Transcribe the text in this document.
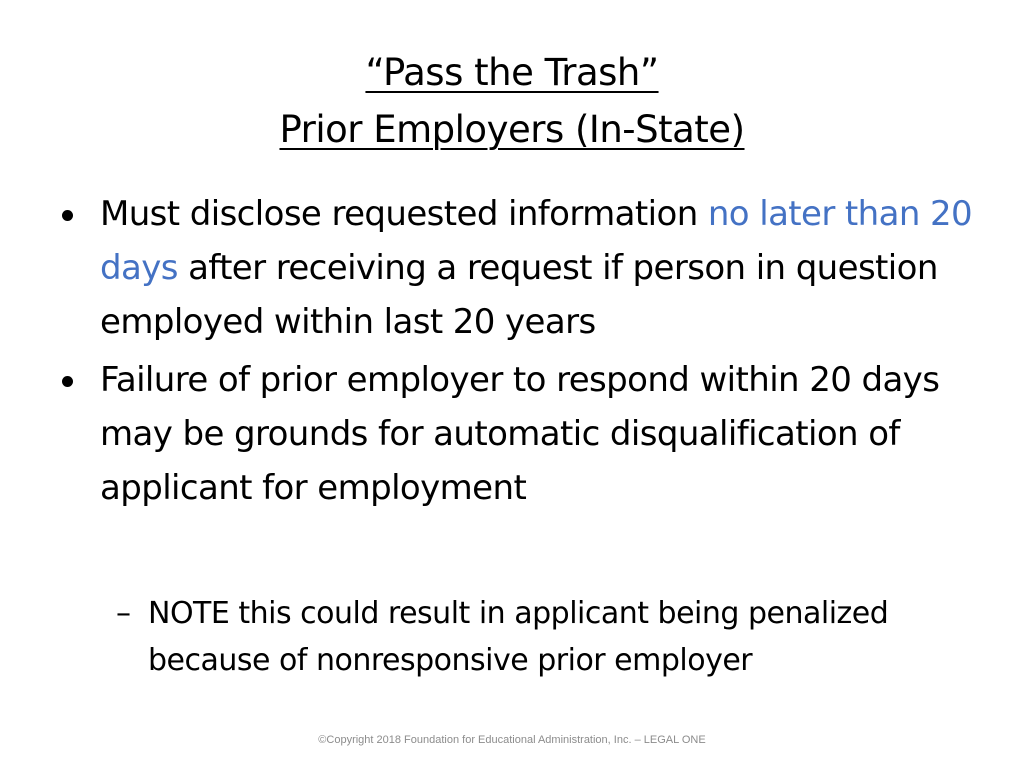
“Pass the Trash”
Prior Employers (In-State)
Must disclose requested information no later than 20 days after receiving a request if person in question employed within last 20 years
Failure of prior employer to respond within 20 days may be grounds for automatic disqualification of applicant for employment
– NOTE this could result in applicant being penalized because of nonresponsive prior employer
©Copyright 2018 Foundation for Educational Administration, Inc. – LEGAL ONE
